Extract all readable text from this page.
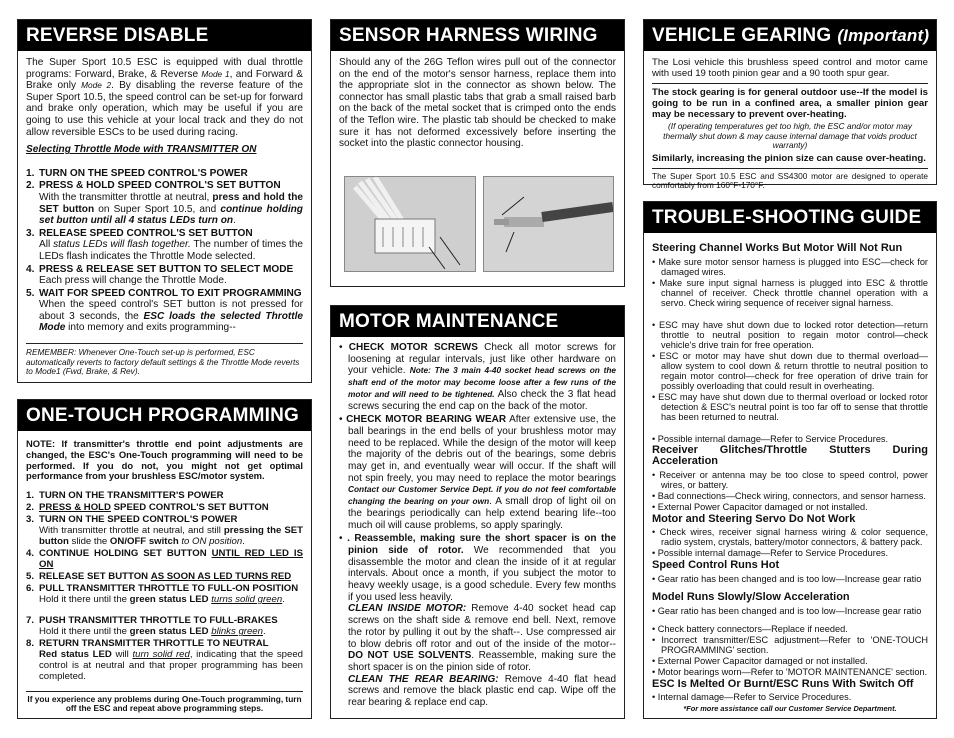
REVERSE DISABLE

The Super Sport 10.5 ESC is equipped with dual throttle programs: Forward, Brake, & Reverse Mode 1, and Forward & Brake only Mode 2. By disabling the reverse feature of the Super Sport 10.5, the speed control can be set-up for forward and brake only operation, which may be useful if you are going to use this vehicle at your local track and they do not allow reversible ESCs to be used during racing.

Selecting Throttle Mode with TRANSMITTER ON

1. TURN ON THE SPEED CONTROL'S POWER
2. PRESS & HOLD SPEED CONTROL'S SET BUTTON
With the transmitter throttle at neutral, press and hold the SET button on Super Sport 10.5, and continue holding set button until all 4 status LEDs turn on.
3. RELEASE SPEED CONTROL'S SET BUTTON
All status LEDs will flash together. The number of times the LEDs flash indicates the Throttle Mode selected.
4. PRESS & RELEASE SET BUTTON TO SELECT MODE
Each press will change the Throttle Mode.
5. WAIT FOR SPEED CONTROL TO EXIT PROGRAMMING
When the speed control's SET button is not pressed for about 3 seconds, the ESC loads the selected Throttle Mode into memory and exits programming--
REMEMBER: Whenever One-Touch set-up is performed, ESC automatically reverts to factory default settings & the Throttle Mode reverts to Mode1 (Fwd, Brake, & Rev).
ONE-TOUCH PROGRAMMING

NOTE: If transmitter's throttle end point adjustments are changed, the ESC's One-Touch programming will need to be performed. If you do not, you might not get optimal performance from your brushless ESC/motor system.

1. TURN ON THE TRANSMITTER'S POWER
2. PRESS & HOLD SPEED CONTROL'S SET BUTTON
3. TURN ON THE SPEED CONTROL'S POWER
With transmitter throttle at neutral, and still pressing the SET button slide the ON/OFF switch to ON position.
4. CONTINUE HOLDING SET BUTTON UNTIL RED LED IS ON
5. RELEASE SET BUTTON AS SOON AS LED TURNS RED
6. PULL TRANSMITTER THROTTLE TO FULL-ON POSITION
Hold it there until the green status LED turns solid green.
7. PUSH TRANSMITTER THROTTLE TO FULL-BRAKES
Hold it there until the green status LED blinks green.
8. RETURN TRANSMITTER THROTTLE TO NEUTRAL
Red status LED will turn solid red, indicating that the speed control is at neutral and that proper programming has been completed.
If you experience any problems during One-Touch programming, turn off the ESC and repeat above programming steps.
SENSOR HARNESS WIRING

Should any of the 26G Teflon wires pull out of the connector on the end of the motor's sensor harness, replace them into the appropriate slot in the connector as shown below. The connector has small plastic tabs that grab a small raised barb on the back of the metal socket that is crimped onto the ends of the Teflon wire. The plastic tab should be checked to make sure it has not deformed excessively before inserting the socket into the plastic connector housing.

MOTOR MAINTENANCE
• CHECK MOTOR SCREWS Check all motor screws for loosening at regular intervals, just like other hardware on your vehicle. Note: The 3 main 4-40 socket head screws on the shaft end of the motor may become loose after a few runs of the motor and will need to be tightened. Also check the 3 flat head screws securing the end cap on the back of the motor.
• CHECK MOTOR BEARING WEAR After extensive use, the ball bearings in the end bells of your brushless motor may need to be replaced. While the design of the motor will keep the majority of the debris out of the bearings, some debris may get in, and eventually wear will occur. If the shaft will not spin freely, you may need to replace the motor bearings Contact our Customer Service Dept. if you do not feel comfortable changing the bearing on your own. A small drop of light oil on the bearings periodically can help extend bearing life--too much oil will cause problems, so apply sparingly.
• . Reassemble, making sure the short spacer is on the pinion side of rotor. We recommended that you disassemble the motor and clean the inside of it at regular intervals. About once a month, if you subject the motor to heavy weekly usage, is a good schedule. Every few months if you used less heavily.
CLEAN INSIDE MOTOR: Remove 4-40 socket head cap screws on the shaft side & remove end bell. Next, remove the rotor by pulling it out by the shaft--. Use compressed air to blow debris off rotor and out of the inside of the motor--DO NOT USE SOLVENTS. Reassemble, making sure the short spacer is on the pinion side of rotor.
CLEAN THE REAR BEARING: Remove 4-40 flat head screws and remove the black plastic end cap. Wipe off the rear bearing & replace end cap.
VEHICLE GEARING (Important)

The Losi vehicle this brushless speed control and motor came with used 19 tooth pinion gear and a 90 tooth spur gear.

The stock gearing is for general outdoor use--If the model is going to be run in a confined area, a smaller pinion gear may be necessary to prevent over-heating.

(If operating temperatures get too high, the ESC and/or motor may thermally shut down & may cause internal damage that voids product warranty)

Similarly, increasing the pinion size can cause over-heating.

The Super Sport 10.5 ESC and SS4300 motor are designed to operate comfortably from 160°F-170°F.

TROUBLE-SHOOTING GUIDE
Steering Channel Works But Motor Will Not Run
• Make sure motor sensor harness is plugged into ESC—check for damaged wires.
• Make sure input signal harness is plugged into ESC & throttle channel of receiver. Check throttle channel operation with a servo. Check wiring sequence of receiver signal harness.
• ESC may have shut down due to locked rotor detection—return throttle to neutral position to regain motor control—check vehicle's drive train for free operation.
• ESC or motor may have shut down due to thermal overload—allow system to cool down & return throttle to neutral position to regain motor control—check for free operation of drive train for possibly overloading that could result in overheating.
• ESC may have shut down due to thermal overload or locked rotor detection & ESC's neutral point is too far off to sense that throttle has been returned to neutral.
• Possible internal damage—Refer to Service Procedures.
Receiver Glitches/Throttle Stutters During Acceleration
• Receiver or antenna may be too close to speed control, power wires, or battery.
• Bad connections—Check wiring, connectors, and sensor harness.
• External Power Capacitor damaged or not installed.
Motor and Steering Servo Do Not Work
• Check wires, receiver signal harness wiring & color sequence, radio system, crystals, battery/motor connectors, & battery pack.
• Possible internal damage—Refer to Service Procedures.
Speed Control Runs Hot
• Gear ratio has been changed and is too low—Increase gear ratio
Model Runs Slowly/Slow Acceleration
• Gear ratio has been changed and is too low—Increase gear ratio
• Check battery connectors—Replace if needed.
• Incorrect transmitter/ESC adjustment—Refer to 'ONE-TOUCH PROGRAMMING' section.
• External Power Capacitor damaged or not installed.
• Motor bearings worn—Refer to 'MOTOR MAINTENANCE' section.
ESC Is Melted Or Burnt/ESC Runs With Switch Off
• Internal damage—Refer to Service Procedures.
*For more assistance call our Customer Service Department.
